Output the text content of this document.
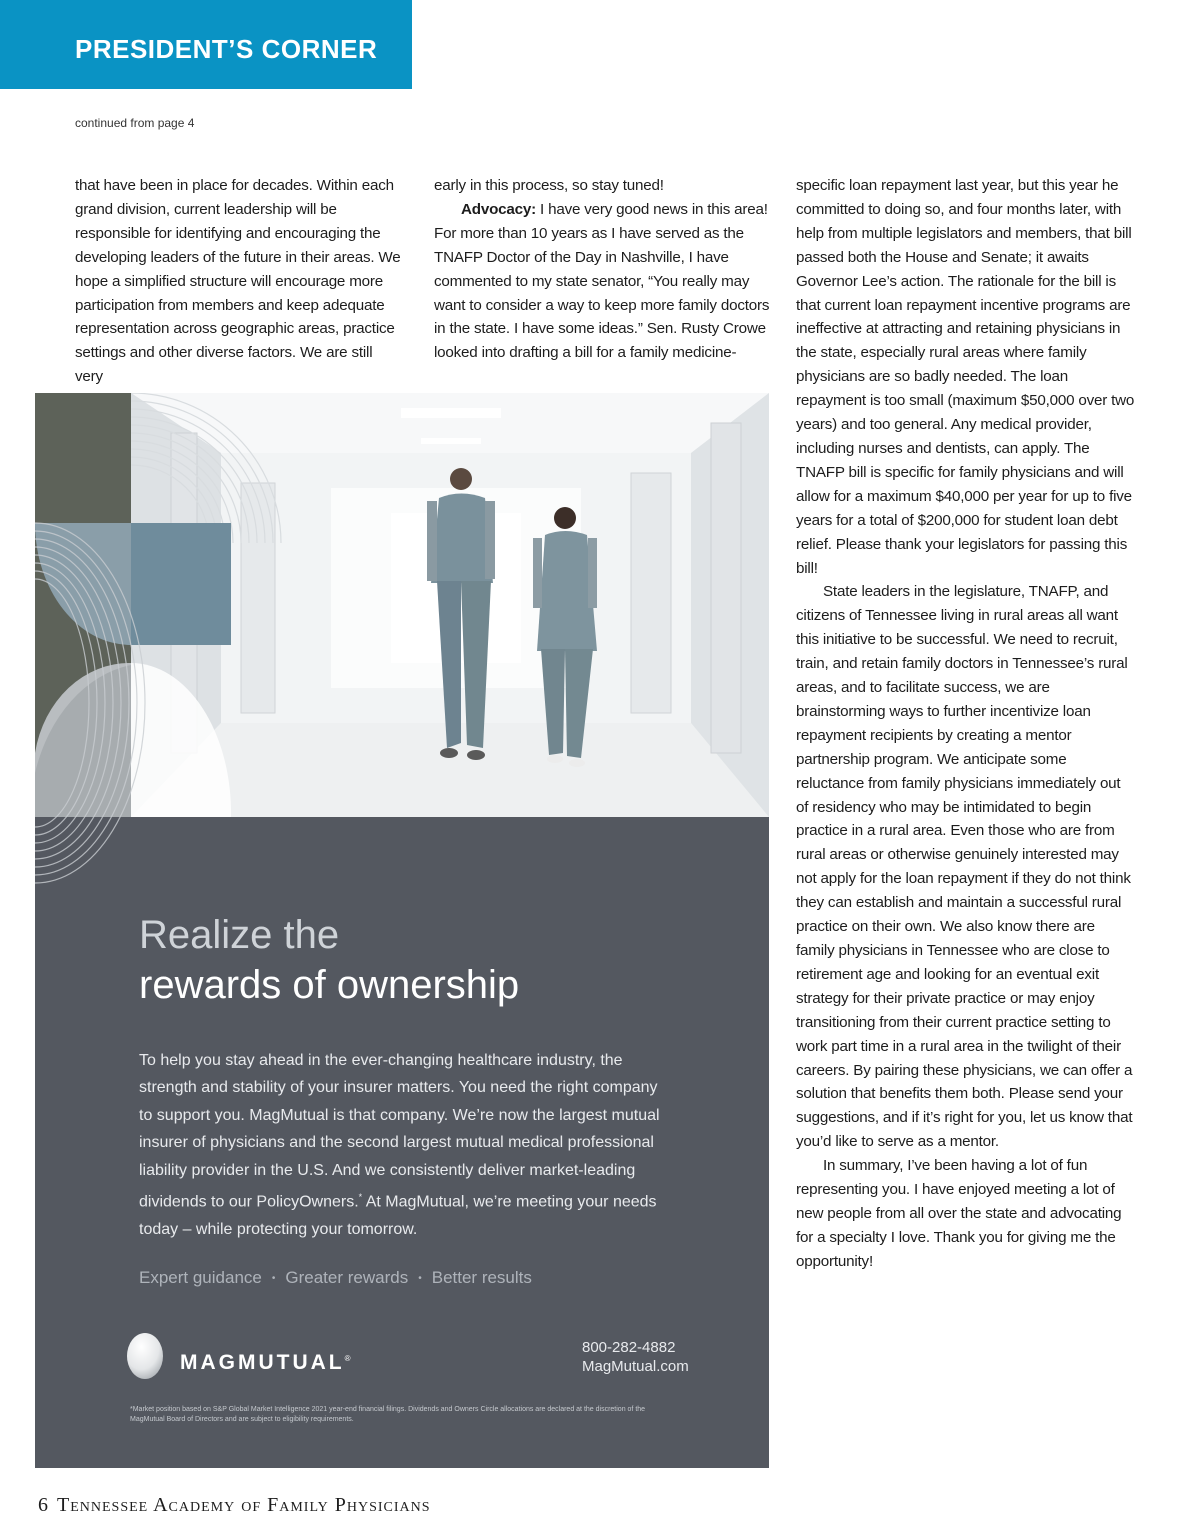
PRESIDENT’S CORNER
continued from page 4

that have been in place for decades. Within each grand division, current leadership will be responsible for identifying and encouraging the developing leaders of the future in their areas. We hope a simplified structure will encourage more participation from members and keep adequate representation across geographic areas, practice settings and other diverse factors. We are still very

early in this process, so stay tuned!

Advocacy: I have very good news in this area! For more than 10 years as I have served as the TNAFP Doctor of the Day in Nashville, I have commented to my state senator, “You really may want to consider a way to keep more family doctors in the state. I have some ideas.” Sen. Rusty Crowe looked into drafting a bill for a family medicine-

specific loan repayment last year, but this year he committed to doing so, and four months later, with help from multiple legislators and members, that bill passed both the House and Senate; it awaits Governor Lee’s action. The rationale for the bill is that current loan repayment incentive programs are ineffective at attracting and retaining physicians in the state, especially rural areas where family physicians are so badly needed. The loan repayment is too small (maximum $50,000 over two years) and too general. Any medical provider, including nurses and dentists, can apply. The TNAFP bill is specific for family physicians and will allow for a maximum $40,000 per year for up to five years for a total of $200,000 for student loan debt relief. Please thank your legislators for passing this bill!

State leaders in the legislature, TNAFP, and citizens of Tennessee living in rural areas all want this initiative to be successful. We need to recruit, train, and retain family doctors in Tennessee’s rural areas, and to facilitate success, we are brainstorming ways to further incentivize loan repayment recipients by creating a mentor partnership program. We anticipate some reluctance from family physicians immediately out of residency who may be intimidated to begin practice in a rural area. Even those who are from rural areas or otherwise genuinely interested may not apply for the loan repayment if they do not think they can establish and maintain a successful rural practice on their own. We also know there are family physicians in Tennessee who are close to retirement age and looking for an eventual exit strategy for their private practice or may enjoy transitioning from their current practice setting to work part time in a rural area in the twilight of their careers. By pairing these physicians, we can offer a solution that benefits them both. Please send your suggestions, and if it’s right for you, let us know that you’d like to serve as a mentor.

In summary, I’ve been having a lot of fun representing you. I have enjoyed meeting a lot of new people from all over the state and advocating for a specialty I love. Thank you for giving me the opportunity!

Realize the
rewards of ownership
To help you stay ahead in the ever-changing healthcare industry, the strength and stability of your insurer matters. You need the right company to support you. MagMutual is that company. We’re now the largest mutual insurer of physicians and the second largest mutual medical professional liability provider in the U.S. And we consistently deliver market-leading dividends to our PolicyOwners.* At MagMutual, we’re meeting your needs today – while protecting your tomorrow.
Expert guidance • Greater rewards • Better results
MAGMUTUAL®
800-282-4882
MagMutual.com
*Market position based on S&P Global Market Intelligence 2021 year-end financial filings. Dividends and Owners Circle allocations are declared at the discretion of the MagMutual Board of Directors and are subject to eligibility requirements.
6 Tennessee Academy of Family Physicians
